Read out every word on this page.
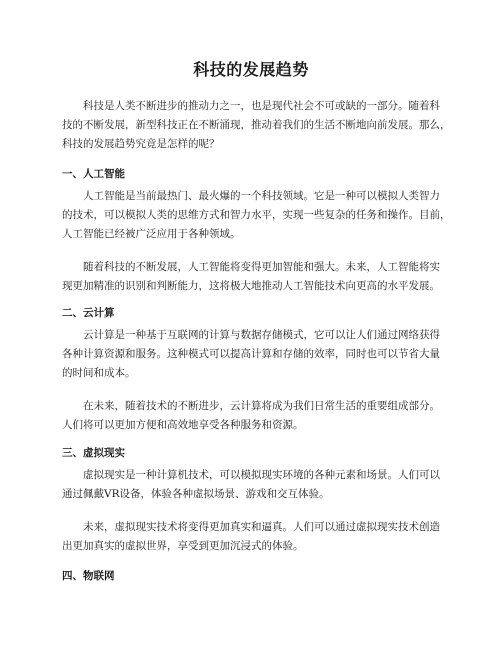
科技的发展趋势

科技是人类不断进步的推动力之一，也是现代社会不可或缺的一部分。随着科
技的不断发展，新型科技正在不断涌现，推动着我们的生活不断地向前发展。那么，
科技的发展趋势究竟是怎样的呢？

一、人工智能

人工智能是当前最热门、最火爆的一个科技领域。它是一种可以模拟人类智力
的技术，可以模拟人类的思维方式和智力水平，实现一些复杂的任务和操作。目前，
人工智能已经被广泛应用于各种领域。

随着科技的不断发展，人工智能将变得更加智能和强大。未来，人工智能将实
现更加精准的识别和判断能力，这将极大地推动人工智能技术向更高的水平发展。

二、云计算

云计算是一种基于互联网的计算与数据存储模式，它可以让人们通过网络获得
各种计算资源和服务。这种模式可以提高计算和存储的效率，同时也可以节省大量
的时间和成本。

在未来，随着技术的不断进步，云计算将成为我们日常生活的重要组成部分。
人们将可以更加方便和高效地享受各种服务和资源。

三、虚拟现实

虚拟现实是一种计算机技术，可以模拟现实环境的各种元素和场景。人们可以
通过佩戴VR设备，体验各种虚拟场景、游戏和交互体验。

未来，虚拟现实技术将变得更加真实和逼真。人们可以通过虚拟现实技术创造
出更加真实的虚拟世界，享受到更加沉浸式的体验。

四、物联网
